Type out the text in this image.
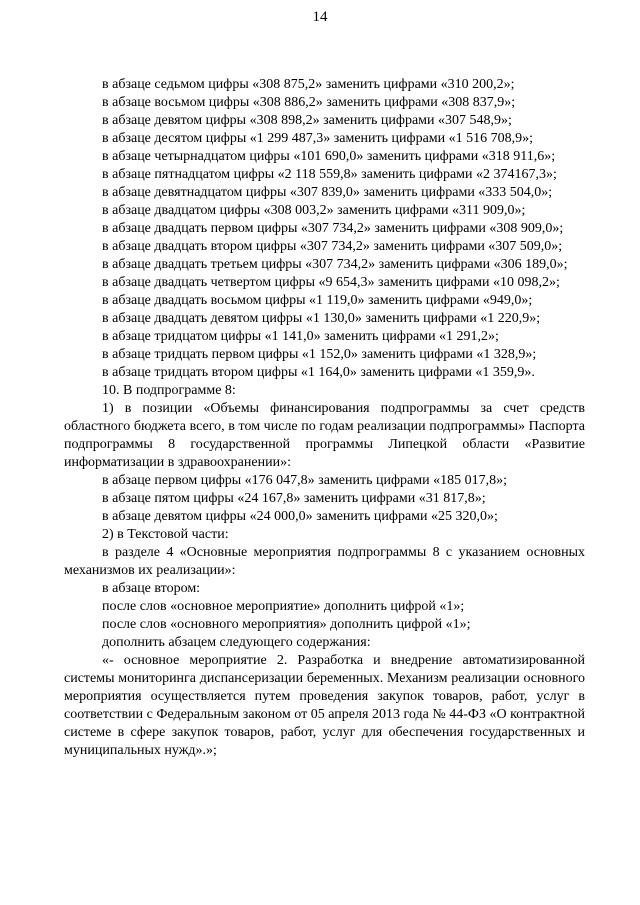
14

в абзаце седьмом цифры «308 875,2» заменить цифрами «310 200,2»;

в абзаце восьмом цифры «308 886,2» заменить цифрами «308 837,9»;

в абзаце девятом цифры «308 898,2» заменить цифрами «307 548,9»;

в абзаце десятом цифры «1 299 487,3» заменить цифрами «1 516 708,9»;

в абзаце четырнадцатом цифры «101 690,0» заменить цифрами «318 911,6»;

в абзаце пятнадцатом цифры «2 118 559,8» заменить цифрами «2 374167,3»;

в абзаце девятнадцатом цифры «307 839,0» заменить цифрами «333 504,0»;

в абзаце двадцатом цифры «308 003,2» заменить цифрами «311 909,0»;

в абзаце двадцать первом цифры «307 734,2» заменить цифрами «308 909,0»;

в абзаце двадцать втором цифры «307 734,2» заменить цифрами «307 509,0»;

в абзаце двадцать третьем цифры «307 734,2» заменить цифрами «306 189,0»;

в абзаце двадцать четвертом цифры «9 654,3» заменить цифрами «10 098,2»;

в абзаце двадцать восьмом цифры «1 119,0» заменить цифрами «949,0»;

в абзаце двадцать девятом цифры «1 130,0» заменить цифрами «1 220,9»;

в абзаце тридцатом цифры «1 141,0» заменить цифрами «1 291,2»;

в абзаце тридцать первом цифры «1 152,0» заменить цифрами «1 328,9»;

в абзаце тридцать втором цифры «1 164,0» заменить цифрами «1 359,9».

10. В подпрограмме 8:

1) в позиции «Объемы финансирования подпрограммы за счет средств областного бюджета всего, в том числе по годам реализации подпрограммы» Паспорта подпрограммы 8 государственной программы Липецкой области «Развитие информатизации в здравоохранении»:

в абзаце первом цифры «176 047,8» заменить цифрами «185 017,8»;

в абзаце пятом цифры «24 167,8» заменить цифрами «31 817,8»;

в абзаце девятом цифры «24 000,0» заменить цифрами «25 320,0»;

2) в Текстовой части:

в разделе 4 «Основные мероприятия подпрограммы 8 с указанием основных механизмов их реализации»:

в абзаце втором:

после слов «основное мероприятие» дополнить цифрой «1»;

после слов «основного мероприятия» дополнить цифрой «1»;

дополнить абзацем следующего содержания:

«- основное мероприятие 2. Разработка и внедрение автоматизированной системы мониторинга диспансеризации беременных. Механизм реализации основного мероприятия осуществляется путем проведения закупок товаров, работ, услуг в соответствии с Федеральным законом от 05 апреля 2013 года № 44-ФЗ «О контрактной системе в сфере закупок товаров, работ, услуг для обеспечения государственных и муниципальных нужд».»;
